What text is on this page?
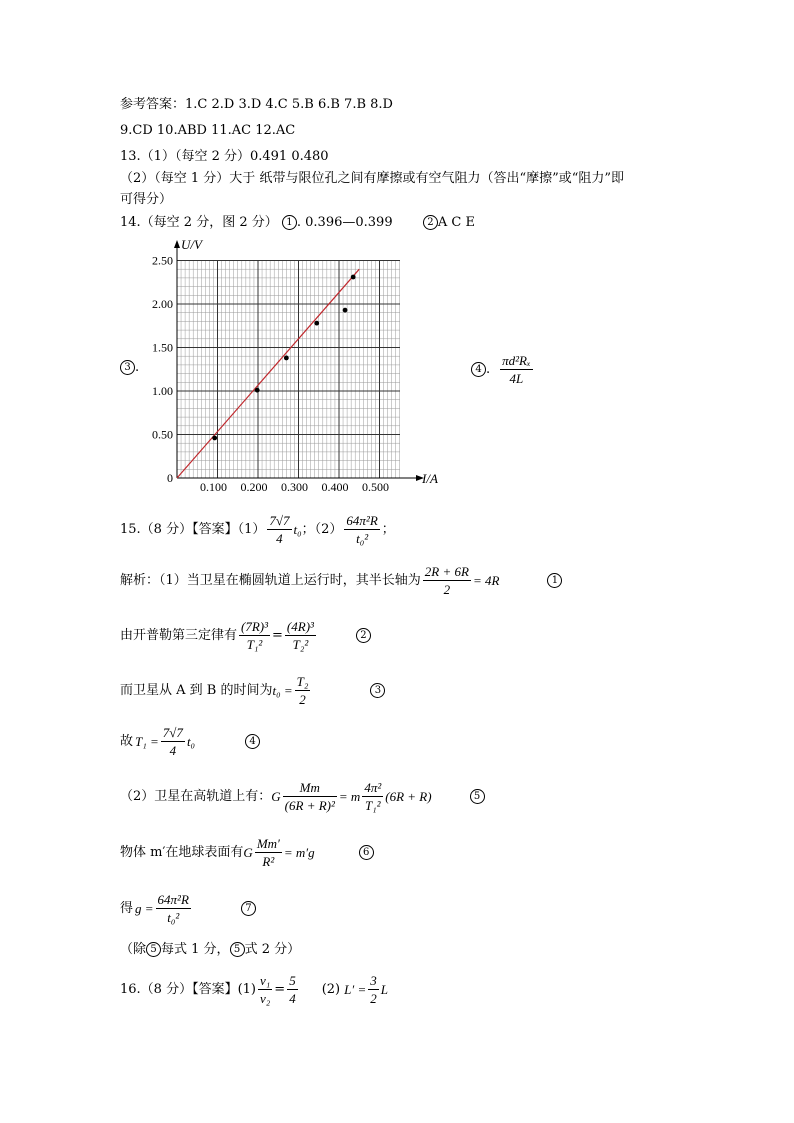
参考答案：1.C 2.D 3.D 4.C 5.B 6.B 7.B 8.D
9.CD 10.ABD 11.AC 12.AC
13.（1）（每空 2 分）0.491 0.480
（2）（每空 1 分）大于 纸带与限位孔之间有摩擦或有空气阻力（答出“摩擦”或“阻力”即
可得分）
14.（每空 2 分，图 2 分） 1 . 0.396—0.399	2 A C E
3 .
0
0.50
1.00
1.50
2.00
2.50
0.100 0.200 0.300 0.400 0.500
U/V
I/A
4 . $\frac{\text{πd²Rₓ}}{4L}$
15.（8 分）【答案】$(1) \frac{7√7}{4} t_0$ ；$(2) \frac{\text{64π²R}}{\text{t₀²}}$ ；
解析：（1）当卫星在椭圆轨道上运行时，其半长轴为 $\frac{2R + 6R}{2} = 4R$	1
由开普勒第三定律有 $\frac{\text{(7R)³}}{\text{T₁²}} = \frac{\text{(4R)³}}{\text{T₂²}}$	2
而卫星从 A 到 B 的时间为 $t_0 = \frac{\text{T₂}}{2}$	3
故 $T_1 = \frac{7√7}{4} t_0$	4
（2）卫星在高轨道上有： G $\frac{Mm}{\text{(6R + R)²}} = m \frac{\text{4π²}}{\text{T₁²}} (6R + R)$	5
物体 m′在地球表面有 G $\frac{Mm'}{\text{R²}} = m'g$	6
得 $g = \frac{\text{64π²R}}{\text{t₀²}}$	7
（除 5 每式 1 分， 5 式 2 分）
16.（8 分）【答案】$(1) \frac{\text{v₁}}{\text{v₂}} = \frac{5}{4} (2) L' = \frac{3}{2}$ L
